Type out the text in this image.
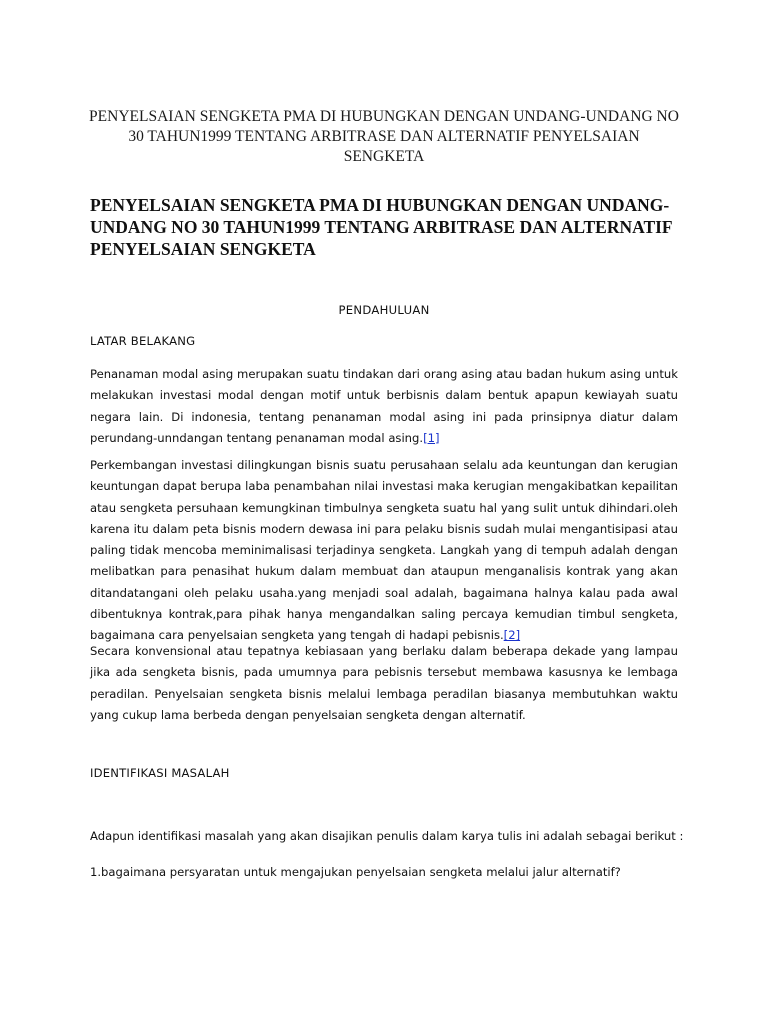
PENYELSAIAN SENGKETA PMA DI HUBUNGKAN DENGAN UNDANG-UNDANG NO
30 TAHUN1999 TENTANG ARBITRASE DAN ALTERNATIF PENYELSAIAN
SENGKETA
PENYELSAIAN SENGKETA PMA DI HUBUNGKAN DENGAN UNDANG-
UNDANG NO 30 TAHUN1999 TENTANG ARBITRASE DAN ALTERNATIF
PENYELSAIAN SENGKETA
PENDAHULUAN
LATAR BELAKANG
Penanaman modal asing merupakan suatu tindakan dari orang asing atau badan hukum asing untuk melakukan investasi modal dengan motif untuk berbisnis dalam bentuk apapun kewiayah suatu negara lain. Di indonesia, tentang penanaman modal asing ini pada prinsipnya diatur dalam perundang-unndangan tentang penanaman modal asing.[1]
Perkembangan investasi dilingkungan bisnis suatu perusahaan selalu ada keuntungan dan kerugian keuntungan dapat berupa laba penambahan nilai investasi maka kerugian mengakibatkan kepailitan atau sengketa persuhaan kemungkinan timbulnya sengketa suatu hal yang sulit untuk dihindari.oleh karena itu dalam peta bisnis modern dewasa ini para pelaku bisnis sudah mulai mengantisipasi atau paling tidak mencoba meminimalisasi terjadinya sengketa. Langkah yang di tempuh adalah dengan melibatkan para penasihat hukum dalam membuat dan ataupun menganalisis kontrak yang akan ditandatangani oleh pelaku usaha.yang menjadi soal adalah, bagaimana halnya kalau pada awal dibentuknya kontrak,para pihak hanya mengandalkan saling percaya kemudian timbul sengketa, bagaimana cara penyelsaian sengketa yang tengah di hadapi pebisnis.[2]
Secara konvensional atau tepatnya kebiasaan yang berlaku dalam beberapa dekade yang lampau jika ada sengketa bisnis, pada umumnya para pebisnis tersebut membawa kasusnya ke lembaga peradilan. Penyelsaian sengketa bisnis melalui lembaga peradilan biasanya membutuhkan waktu yang cukup lama berbeda dengan penyelsaian sengketa dengan alternatif.
IDENTIFIKASI MASALAH
Adapun identifikasi masalah yang akan disajikan penulis dalam karya tulis ini adalah sebagai berikut :
1.bagaimana persyaratan untuk mengajukan penyelsaian sengketa melalui jalur alternatif?
